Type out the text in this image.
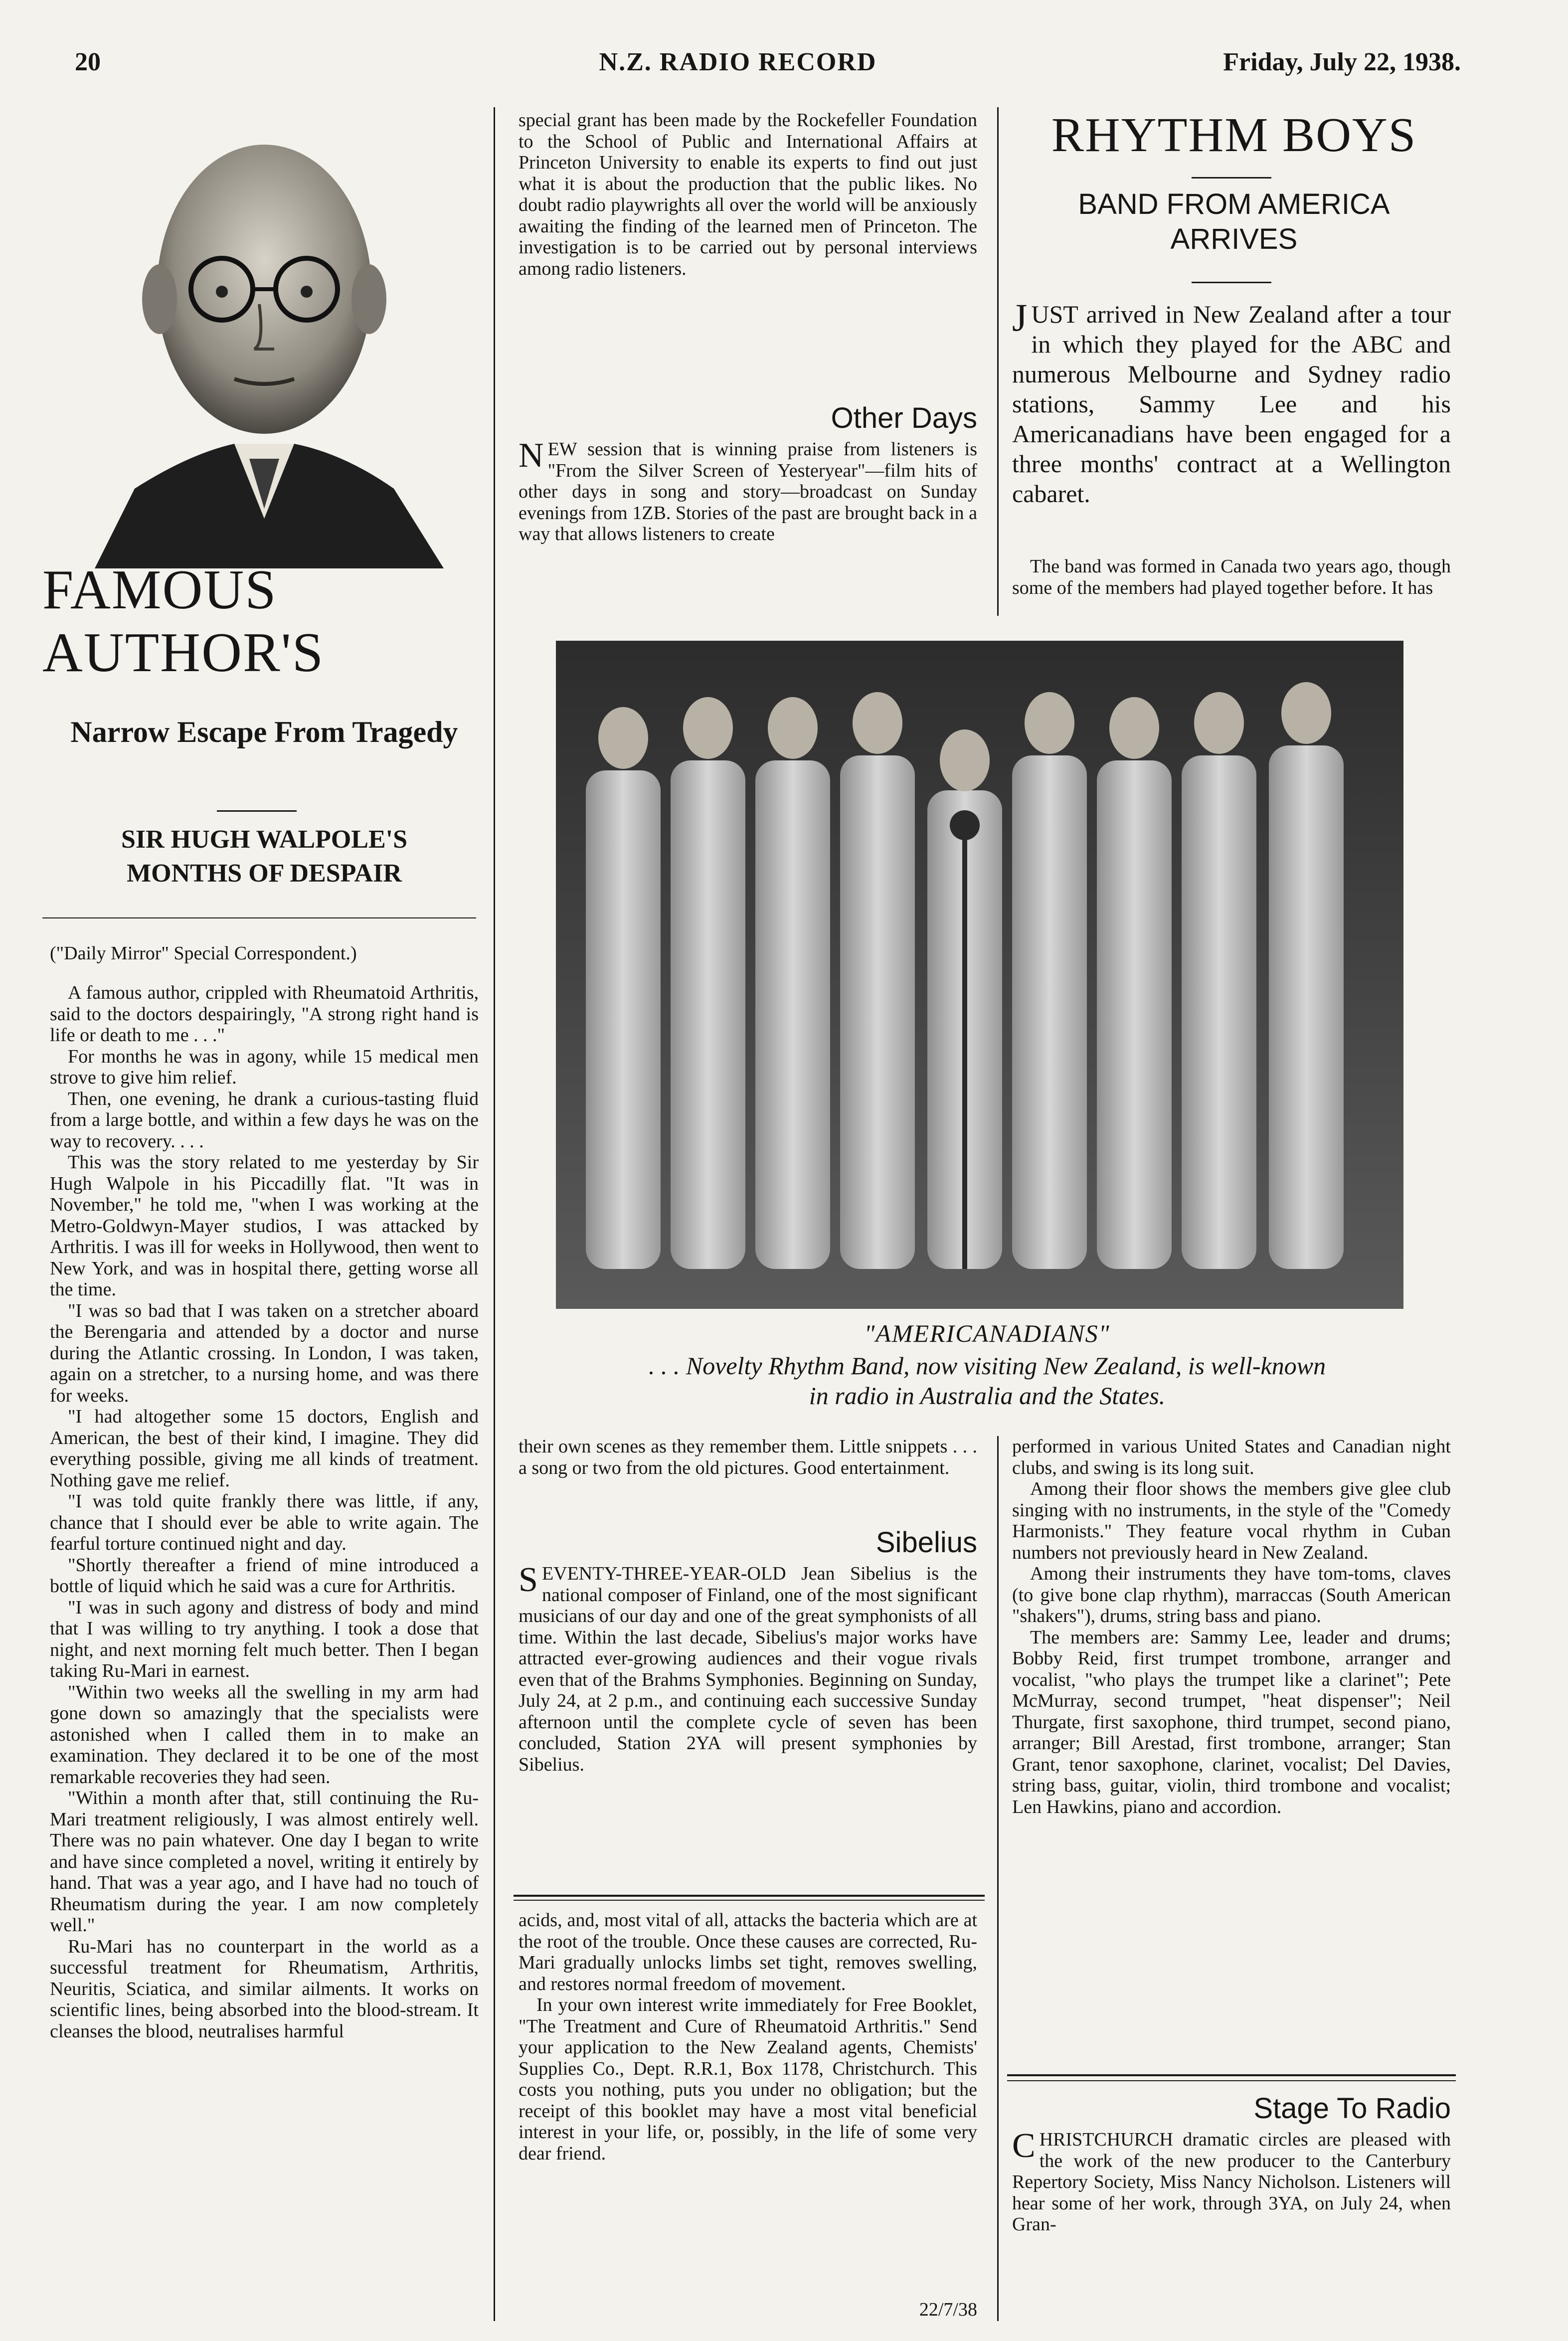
20	N.Z. RADIO RECORD	Friday, July 22, 1938.
FAMOUS AUTHOR'S
Narrow Escape From Tragedy
SIR HUGH WALPOLE'S MONTHS OF DESPAIR
("Daily Mirror" Special Correspondent.)

A famous author, crippled with Rheumatoid Arthritis, said to the doctors despairingly, "A strong right hand is life or death to me . . ."

For months he was in agony, while 15 medical men strove to give him relief.

Then, one evening, he drank a curious-tasting fluid from a large bottle, and within a few days he was on the way to recovery. . . .

This was the story related to me yesterday by Sir Hugh Walpole in his Piccadilly flat. "It was in November," he told me, "when I was working at the Metro-Goldwyn-Mayer studios, I was attacked by Arthritis. I was ill for weeks in Hollywood, then went to New York, and was in hospital there, getting worse all the time.

"I was so bad that I was taken on a stretcher aboard the Berengaria and attended by a doctor and nurse during the Atlantic crossing. In London, I was taken, again on a stretcher, to a nursing home, and was there for weeks.

"I had altogether some 15 doctors, English and American, the best of their kind, I imagine. They did everything possible, giving me all kinds of treatment. Nothing gave me relief.

"I was told quite frankly there was little, if any, chance that I should ever be able to write again. The fearful torture continued night and day.

"Shortly thereafter a friend of mine introduced a bottle of liquid which he said was a cure for Arthritis.

"I was in such agony and distress of body and mind that I was willing to try anything. I took a dose that night, and next morning felt much better. Then I began taking Ru-Mari in earnest.

"Within two weeks all the swelling in my arm had gone down so amazingly that the specialists were astonished when I called them in to make an examination. They declared it to be one of the most remarkable recoveries they had seen.

"Within a month after that, still continuing the Ru-Mari treatment religiously, I was almost entirely well. There was no pain whatever. One day I began to write and have since completed a novel, writing it entirely by hand. That was a year ago, and I have had no touch of Rheumatism during the year. I am now completely well."

Ru-Mari has no counterpart in the world as a successful treatment for Rheumatism, Arthritis, Neuritis, Sciatica, and similar ailments. It works on scientific lines, being absorbed into the blood-stream. It cleanses the blood, neutralises harmful

special grant has been made by the Rockefeller Foundation to the School of Public and International Affairs at Princeton University to enable its experts to find out just what it is about the production that the public likes. No doubt radio playwrights all over the world will be anxiously awaiting the finding of the learned men of Princeton. The investigation is to be carried out by personal interviews among radio listeners.

Other Days

NEW session that is winning praise from listeners is "From the Silver Screen of Yesteryear"—film hits of other days in song and story—broadcast on Sunday evenings from 1ZB. Stories of the past are brought back in a way that allows listeners to create

RHYTHM BOYS
BAND FROM AMERICA ARRIVES

JUST arrived in New Zealand after a tour in which they played for the ABC and numerous Melbourne and Sydney radio stations, Sammy Lee and his Americanadians have been engaged for a three months' contract at a Wellington cabaret.

The band was formed in Canada two years ago, though some of the members had played together before. It has

"AMERICANADIANS"
. . . Novelty Rhythm Band, now visiting New Zealand, is well-known
in radio in Australia and the States.

their own scenes as they remember them. Little snippets . . . a song or two from the old pictures. Good entertainment.

Sibelius

SEVENTY-THREE-YEAR-OLD Jean Sibelius is the national composer of Finland, one of the most significant musicians of our day and one of the great symphonists of all time. Within the last decade, Sibelius's major works have attracted ever-growing audiences and their vogue rivals even that of the Brahms Symphonies. Beginning on Sunday, July 24, at 2 p.m., and continuing each successive Sunday afternoon until the complete cycle of seven has been concluded, Station 2YA will present symphonies by Sibelius.

acids, and, most vital of all, attacks the bacteria which are at the root of the trouble. Once these causes are corrected, Ru-Mari gradually unlocks limbs set tight, removes swelling, and restores normal freedom of movement.

In your own interest write immediately for Free Booklet, "The Treatment and Cure of Rheumatoid Arthritis." Send your application to the New Zealand agents, Chemists' Supplies Co., Dept. R.R.1, Box 1178, Christchurch. This costs you nothing, puts you under no obligation; but the receipt of this booklet may have a most vital beneficial interest in your life, or, possibly, in the life of some very dear friend.

22/7/38

performed in various United States and Canadian night clubs, and swing is its long suit.

Among their floor shows the members give glee club singing with no instruments, in the style of the "Comedy Harmonists." They feature vocal rhythm in Cuban numbers not previously heard in New Zealand.

Among their instruments they have tom-toms, claves (to give bone clap rhythm), marraccas (South American "shakers"), drums, string bass and piano.

The members are: Sammy Lee, leader and drums; Bobby Reid, first trumpet trombone, arranger and vocalist, "who plays the trumpet like a clarinet"; Pete McMurray, second trumpet, "heat dispenser"; Neil Thurgate, first saxophone, third trumpet, second piano, arranger; Bill Arestad, first trombone, arranger; Stan Grant, tenor saxophone, clarinet, vocalist; Del Davies, string bass, guitar, violin, third trombone and vocalist; Len Hawkins, piano and accordion.

Stage To Radio

CHRISTCHURCH dramatic circles are pleased with the work of the new producer to the Canterbury Repertory Society, Miss Nancy Nicholson. Listeners will hear some of her work, through 3YA, on July 24, when Gran-
